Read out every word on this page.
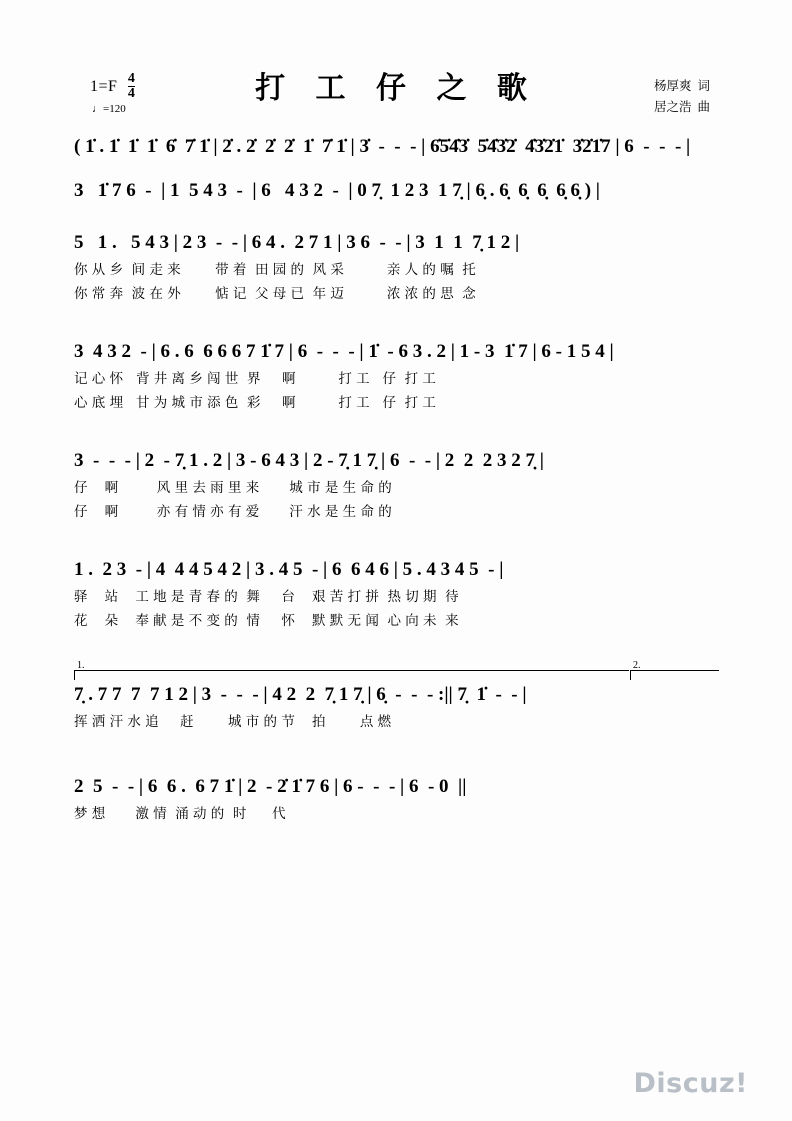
$1=F \frac{4}{4}$
♩=120
打 工 仔 之 歌	杨厚爽 词
居之浩 曲
( 1̇ . 1̇  1̇  1̇  6̇  7̇ 1̇ | 2̇ . 2̇  2̇  2̇  1̇  7̇ 1̇ | 3̇  -  -  - | 6̇5̇4̇3̇  5̇4̇3̇2̇  4̇3̇2̇1̇  3̇2̇1̇7 | 6  -  -  - |
3   1̇ 7 6  -  | 1  5 4 3  -  | 6   4 3 2  -  | 0 7̣  1 2 3  1 7̣ | 6̣ . 6̣  6̣  6̣  6̣ 6̣ ) |
5   1 .   5 4 3 | 2 3  -  - | 6 4 .  2 7 1 | 3 6  -  - | 3  1  1  7̣ 1 2 |
你 从 乡  间 走 来        带 着  田 园 的  风 采          亲 人 的 嘱  托
你 常 奔  波 在 外        惦 记  父 母 已  年 迈          浓 浓 的 思  念
3  4 3 2  - | 6 . 6  6 6 6 7 1̇ 7 | 6  -  -  - | 1̇  - 6 3 . 2 | 1 - 3  1̇ 7 | 6 - 1 5 4 |
记 心 怀   背 井 离 乡 闯 世  界     啊          打 工   仔  打 工
心 底 埋   甘 为 城 市 添 色  彩     啊          打 工   仔  打 工
3  -  -  - | 2  - 7̣ 1 . 2 | 3 - 6 4 3 | 2 - 7̣ 1 7̣ | 6  -  - | 2  2  2 3 2 7̣ |
仔    啊         风 里 去 雨 里 来       城 市 是 生 命 的
仔    啊         亦 有 情 亦 有 爱       汗 水 是 生 命 的
1 .  2 3  - | 4  4 4 5 4 2 | 3 . 4 5  - | 6  6 4 6 | 5 . 4 3 4 5  - |
驿    站    工 地 是 青 春 的  舞     台    艰 苦 打 拼  热 切 期  待
花    朵    奉 献 是 不 变 的  情     怀    默 默 无 闻  心 向 未  来
1.	2.
7̣ . 7 7  7  7 1 2 | 3  -  -  - | 4 2  2  7̣ 1 7̣ | 6̣  -  -  - :|| 7̣  1̇  -  - |
挥 洒 汗 水 追     赶        城 市 的 节    拍        点 燃
2  5  -  - | 6  6 .  6 7 1̇ | 2  - 2̇ 1̇ 7 6 | 6 -  -  - | 6  - 0  ||
梦 想       激 情  涌 动 的  时      代
Discuz!
